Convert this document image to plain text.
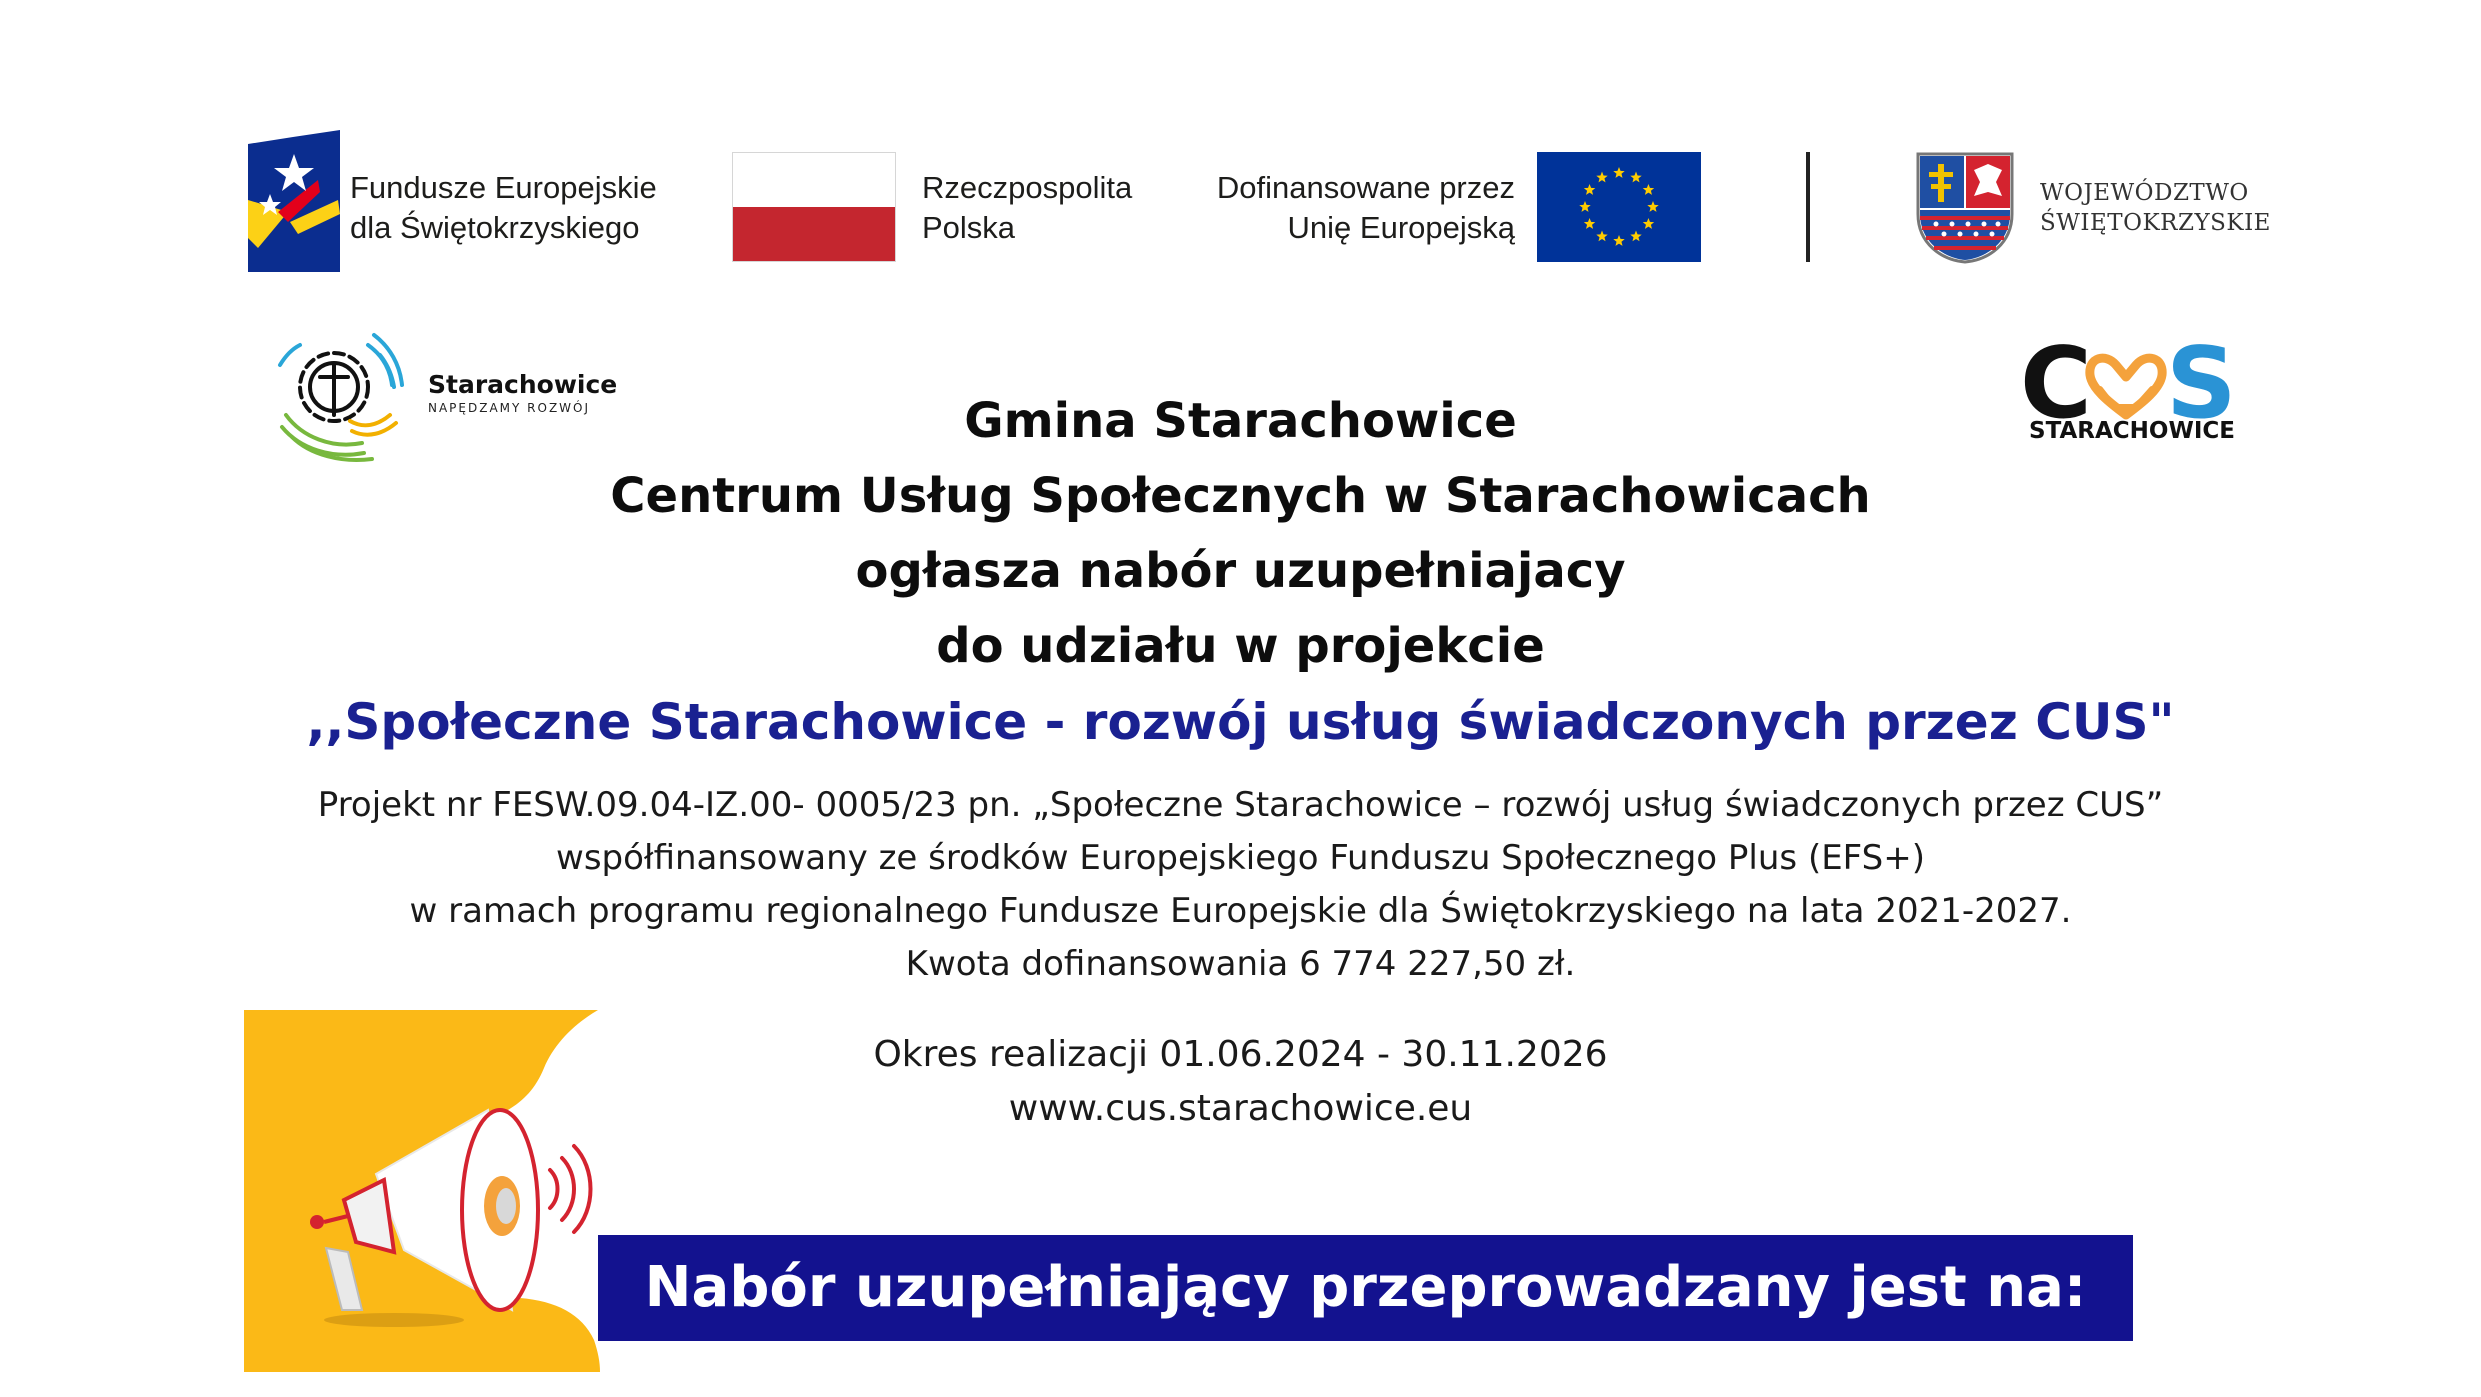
Fundusze Europejskie
dla Świętokrzyskiego
Rzeczpospolita
Polska
Dofinansowane przez
Unię Europejską
WOJEWÓDZTWO
ŚWIĘTOKRZYSKIE
Starachowice
NAPĘDZAMY ROZWÓJ	C S
STARACHOWICE
Gmina Starachowice
Centrum Usług Społecznych w Starachowicach
ogłasza nabór uzupełniajacy
do udziału w projekcie
,,Społeczne Starachowice - rozwój usług świadczonych przez CUS"
Projekt nr FESW.09.04-IZ.00- 0005/23 pn. „Społeczne Starachowice – rozwój usług świadczonych przez CUS”
współfinansowany ze środków Europejskiego Funduszu Społecznego Plus (EFS+)
w ramach programu regionalnego Fundusze Europejskie dla Świętokrzyskiego na lata 2021-2027.
Kwota dofinansowania 6 774 227,50 zł.
Okres realizacji 01.06.2024 - 30.11.2026
www.cus.starachowice.eu
Nabór uzupełniający przeprowadzany jest na:
